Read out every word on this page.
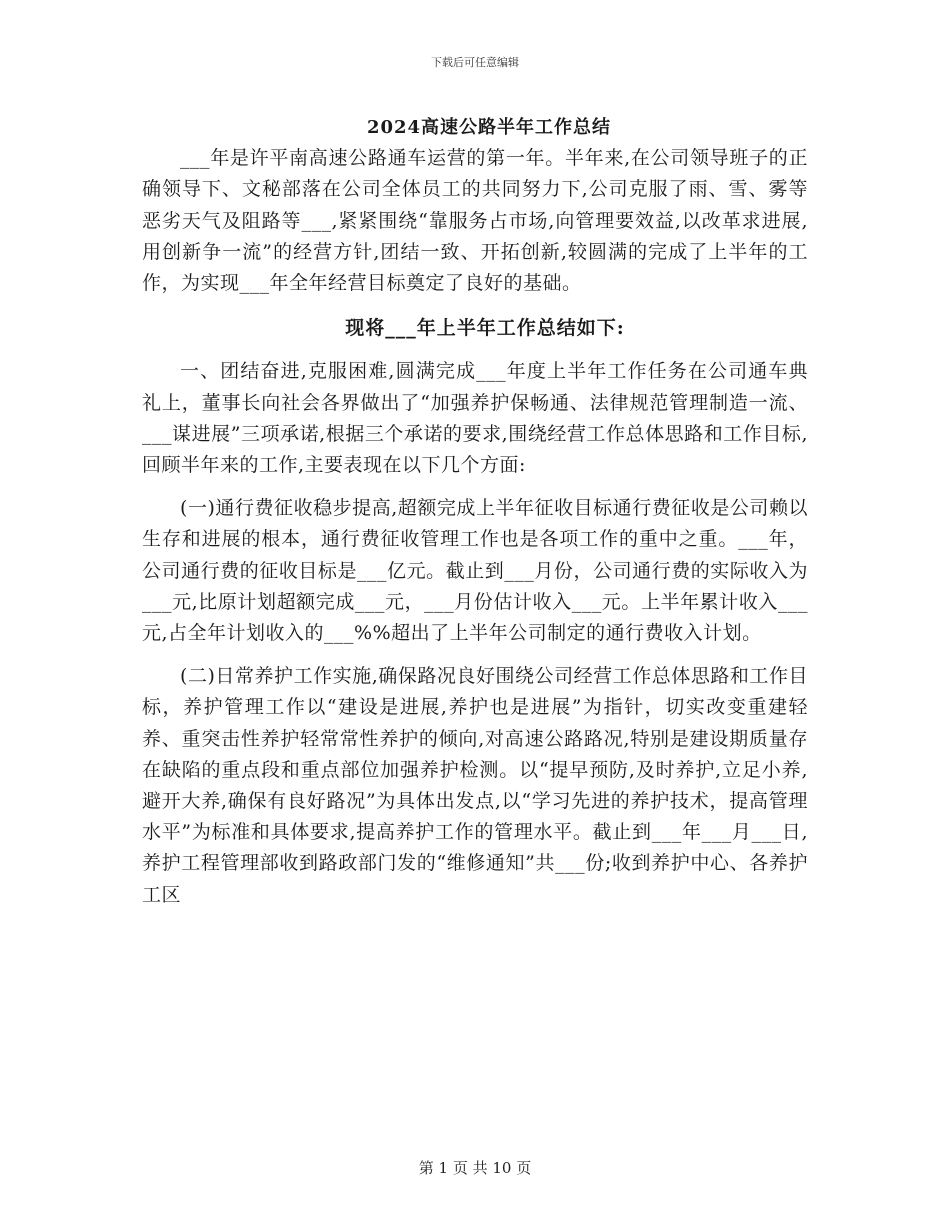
下载后可任意编辑
2024高速公路半年工作总结

___年是许平南高速公路通车运营的第一年。半年来,在公司领导班子的正确领导下、文秘部落在公司全体员工的共同努力下,公司克服了雨、雪、雾等恶劣天气及阻路等___,紧紧围绕“靠服务占市场,向管理要效益,以改革求进展,用创新争一流”的经营方针,团结一致、开拓创新,较圆满的完成了上半年的工作，为实现___年全年经营目标奠定了良好的基础。

现将___年上半年工作总结如下:

一、团结奋进,克服困难,圆满完成___年度上半年工作任务在公司通车典礼上，董事长向社会各界做出了“加强养护保畅通、法律规范管理制造一流、___谋进展”三项承诺,根据三个承诺的要求,围绕经营工作总体思路和工作目标,回顾半年来的工作,主要表现在以下几个方面:

(一)通行费征收稳步提高,超额完成上半年征收目标通行费征收是公司赖以生存和进展的根本，通行费征收管理工作也是各项工作的重中之重。___年，公司通行费的征收目标是___亿元。截止到___月份，公司通行费的实际收入为___元,比原计划超额完成___元，___月份估计收入___元。上半年累计收入___元,占全年计划收入的___%%超出了上半年公司制定的通行费收入计划。

(二)日常养护工作实施,确保路况良好围绕公司经营工作总体思路和工作目标，养护管理工作以“建设是进展,养护也是进展”为指针，切实改变重建轻养、重突击性养护轻常常性养护的倾向,对高速公路路况,特别是建设期质量存在缺陷的重点段和重点部位加强养护检测。以“提早预防,及时养护,立足小养,避开大养,确保有良好路况”为具体出发点,以“学习先进的养护技术，提高管理水平”为标准和具体要求,提高养护工作的管理水平。截止到___年___月___日,养护工程管理部收到路政部门发的“维修通知”共___份;收到养护中心、各养护工区

第 1 页 共 10 页
